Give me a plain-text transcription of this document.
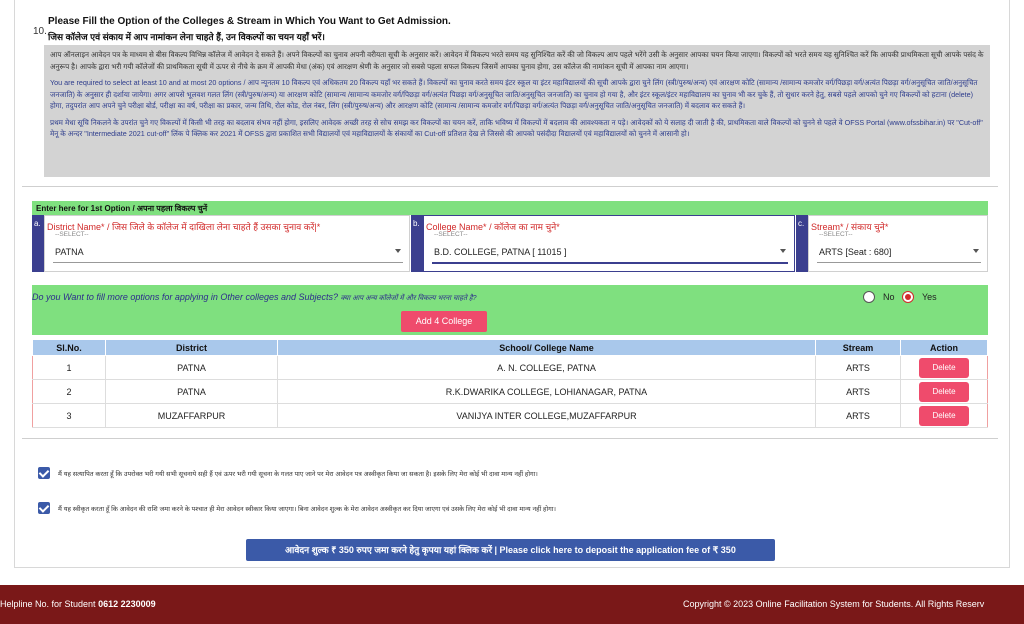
10.
Please Fill the Option of the Colleges & Stream in Which You Want to Get Admission.
जिस कॉलेज एवं संकाय में आप नामांकन लेना चाहते हैं, उन विकल्पों का चयन यहाँ भरें।

आप ऑनलाइन आवेदन पत्र के माध्यम से बीस विकल्प विभिन्न कॉलेज में आवेदन दे सकते हैं। अपने विकल्पों का चुनाव अपनी वरीयता सूची के अनुसार करें। आवेदन में विकल्प भरते समय यह सुनिश्चित करें की जो विकल्प आप पहले भरेंगे उसी के अनुसार आपका चयन किया जाएगा। विकल्पों को भरते समय यह सुनिश्चित करें कि आपकी प्राथमिकता सूची आपके पसंद के अनुरूप है। आपके द्वारा भरी गयी कॉलेजों की प्राथमिकता सूची में ऊपर से नीचे के क्रम में आपकी मेधा (अंक) एवं आरक्षण श्रेणी के अनुसार जो सबसे पहला सफल विकल्प जिसमें आपका चुनाव होगा, उस कॉलेज की नामांकन सूची में आपका नाम आएगा।

You are required to select at least 10 and at most 20 options / आप न्यूनतम 10 विकल्प एवं अधिकतम 20 विकल्प यहाँ भर सकते हैं। विकल्पों का चुनाव करते समय इंटर स्कूल या इंटर महाविद्यालयों की सूची आपके द्वारा चुने लिंग (स्त्री/पुरुष/अन्य) एवं आरक्षण कोटि (सामान्य /सामान्य कमजोर वर्ग/पिछड़ा वर्ग/अत्यंत पिछड़ा वर्ग/अनुसूचित जाति/अनुसूचित जनजाति) के अनुसार ही दर्शाया जायेगा। अगर आपसे भूलवश गलत लिंग (स्त्री/पुरुष/अन्य) या आरक्षण कोटि (सामान्य /सामान्य कमजोर वर्ग/पिछड़ा वर्ग/अत्यंत पिछड़ा वर्ग/अनुसूचित जाति/अनुसूचित जनजाति) का चुनाव हो गया है, और इंटर स्कूल/इंटर महाविद्यालय का चुनाव भी कर चुके हैं, तो सुधार करने हेतु, सबसे पहले आपको चुने गए विकल्पों को हटाना (delete) होगा, तदुपरांत आप अपने चुने परीक्षा बोर्ड, परीक्षा का वर्ष, परीक्षा का प्रकार, जन्म तिथि, रोल कोड, रोल नंबर, लिंग (स्त्री/पुरुष/अन्य) और आरक्षण कोटि (सामान्य /सामान्य कमजोर वर्ग/पिछड़ा वर्ग/अत्यंत पिछड़ा वर्ग/अनुसूचित जाति/अनुसूचित जनजाति) में बदलाव कर सकते हैं।

प्रथम मेधा सूचि निकलने के उपरांत चुने गए विकल्पों में किसी भी तरह का बदलाव संभव नहीं होगा, इसलिए आवेदक अच्छी तरह से सोच समझ कर विकल्पों का चयन करें, ताकि भविष्य में विकल्पों में बदलाव की आवश्यकता न पड़े। आवेदकों को ये सलाह दी जाती है की, प्राथमिकता वाले विकल्पों को चुनने से पहले वे OFSS Portal (www.ofssbihar.in) पर "Cut-off" मेनू के अन्दर "Intermediate 2021 cut-off" लिंक पे क्लिक कर 2021 में OFSS द्वारा प्रकाशित सभी विद्यालयों एवं महाविद्यालयों के संकायों का Cut-off प्रतिशत देख ले जिससे की आपको पसंदीदा विद्यालयों एवं महाविद्यालयों को चुनने में आसानी हो।

Enter here for 1st Option / अपना पहला विकल्प चुनें
a. District Name* / जिस जिले के कॉलेज में दाखिला लेना चाहते हैं उसका चुनाव करें|*
--SELECT--
PATNA
b. College Name* / कॉलेज का नाम चुने*
--SELECT--
B.D. COLLEGE, PATNA [ 11015 ]
c. Stream* / संकाय चुने*
--SELECT--
ARTS [Seat : 680]
Do you Want to fill more options for applying in Other colleges and Subjects? क्या आप अन्य कॉलेजों में और विकल्प भरना चाहते है?	No	Yes
Add 4 College
Sl.No.	District	School/ College Name	Stream	Action
1	PATNA	A. N. COLLEGE, PATNA	ARTS	Delete
2	PATNA	R.K.DWARIKA COLLEGE, LOHIANAGAR, PATNA	ARTS	Delete
3	MUZAFFARPUR	VANIJYA INTER COLLEGE,MUZAFFARPUR	ARTS	Delete
मैं यह सत्यापित करता हूँ कि उपरोक्त भरी गयी सभी सूचनाये सही हैं एवं ऊपर भरी गयी सूचना के गलत पाए जाने पर मेरा आवेदन पत्र अस्वीकृत किया जा सकता है। इसके लिए मेरा कोई भी दावा मान्य नहीं होगा।
मैं यह स्वीकृत करता हूँ कि आवेदन की राशि जमा करने के पश्चात ही मेरा आवेदन स्वीकार किया जाएगा। बिना आवेदन शुल्क के मेरा आवेदन अस्वीकृत कर दिया जाएगा एवं उसके लिए मेरा कोई भी दावा मान्य नहीं होगा।
आवेदन शुल्क ₹ 350 रुपए जमा करने हेतु कृपया यहां क्लिक करें | Please click here to deposit the application fee of ₹ 350
Helpline No. for Student 0612 2230009	Copyright © 2023 Online Facilitation System for Students. All Rights Reserv
